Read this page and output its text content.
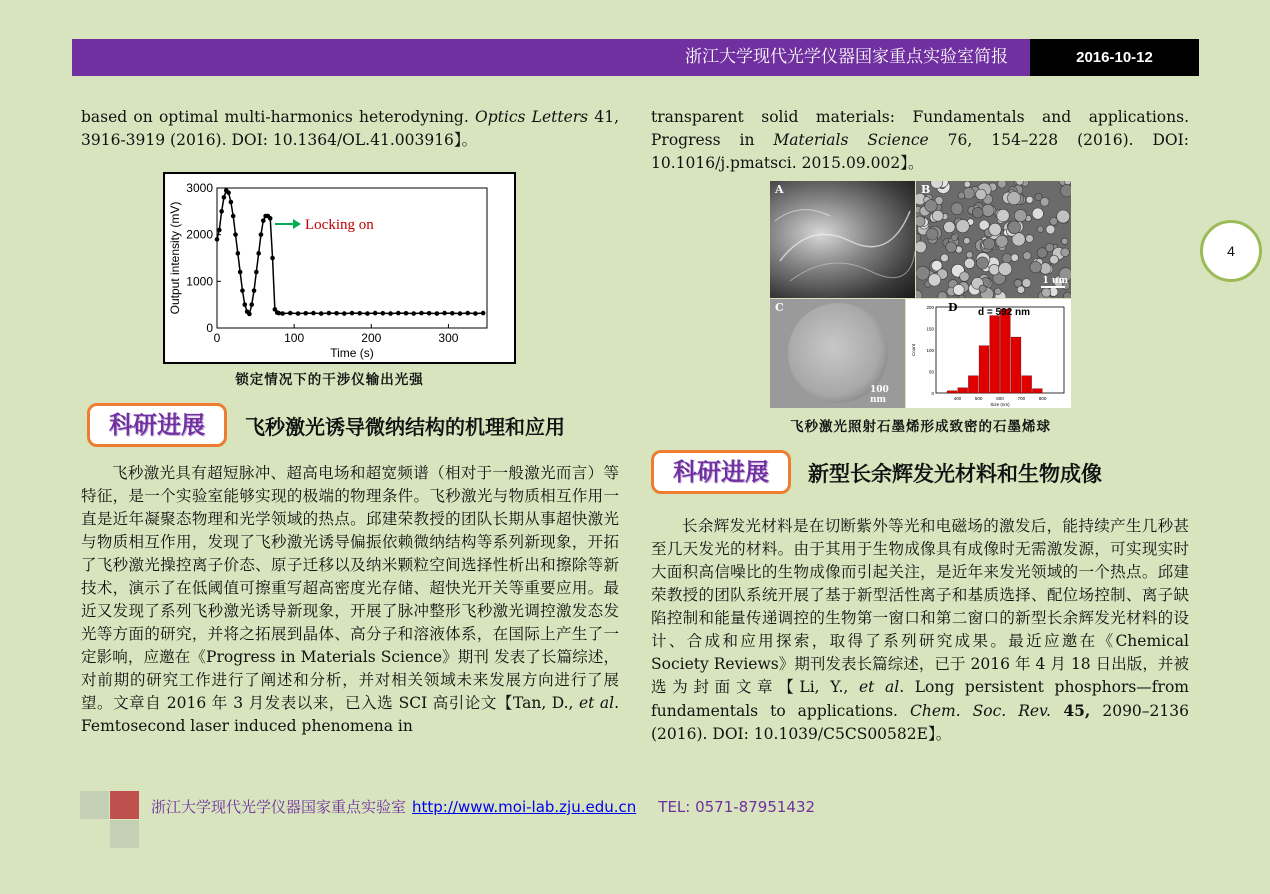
浙江大学现代光学仪器国家重点实验室简报	2016-10-12
4
based on optimal multi-harmonics heterodyning. Optics Letters 41, 3916-3919 (2016). DOI: 10.1364/OL.41.003916】。
0	100	200	300
0
1000
2000
3000
Time (s)
Output intensity (mV)	Locking on
锁定情况下的干涉仪输出光强
科研进展	飞秒激光诱导微纳结构的机理和应用
飞秒激光具有超短脉冲、超高电场和超宽频谱（相对于一般激光而言）等特征，是一个实验室能够实现的极端的物理条件。飞秒激光与物质相互作用一直是近年凝聚态物理和光学领域的热点。邱建荣教授的团队长期从事超快激光与物质相互作用，发现了飞秒激光诱导偏振依赖微纳结构等系列新现象，开拓了飞秒激光操控离子价态、原子迁移以及纳米颗粒空间选择性析出和擦除等新技术，演示了在低阈值可擦重写超高密度光存储、超快光开关等重要应用。最近又发现了系列飞秒激光诱导新现象，开展了脉冲整形飞秒激光调控激发态发光等方面的研究，并将之拓展到晶体、高分子和溶液体系，在国际上产生了一定影响，应邀在《Progress in Materials Science》期刊 发表了长篇综述，对前期的研究工作进行了阐述和分析，并对相关领域未来发展方向进行了展望。文章自 2016 年 3 月发表以来，已入选 SCI 高引论文【Tan, D., et al. Femtosecond laser induced phenomena in
transparent solid materials: Fundamentals and applications. Progress in Materials Science 76, 154–228 (2016). DOI: 10.1016/j.pmatsci. 2015.09.002】。
A	B
1 um
C
100 nm	400	500	600	700	800
0
50
100
150
200
Size (nm)
Count
d = 592 nm
D
飞秒激光照射石墨烯形成致密的石墨烯球
科研进展	新型长余辉发光材料和生物成像
长余辉发光材料是在切断紫外等光和电磁场的激发后，能持续产生几秒甚至几天发光的材料。由于其用于生物成像具有成像时无需激发源，可实现实时大面积高信噪比的生物成像而引起关注，是近年来发光领域的一个热点。邱建荣教授的团队系统开展了基于新型活性离子和基质选择、配位场控制、离子缺陷控制和能量传递调控的生物第一窗口和第二窗口的新型长余辉发光材料的设计、合成和应用探索，取得了系列研究成果。最近应邀在《Chemical Society Reviews》期刊发表长篇综述，已于 2016 年 4 月 18 日出版，并被选为封面文章【Li, Y., et al. Long persistent phosphors—from fundamentals to applications. Chem. Soc. Rev. 45, 2090–2136 (2016). DOI: 10.1039/C5CS00582E】。
浙江大学现代光学仪器国家重点实验室 http://www.moi-lab.zju.edu.cn TEL: 0571-87951432
